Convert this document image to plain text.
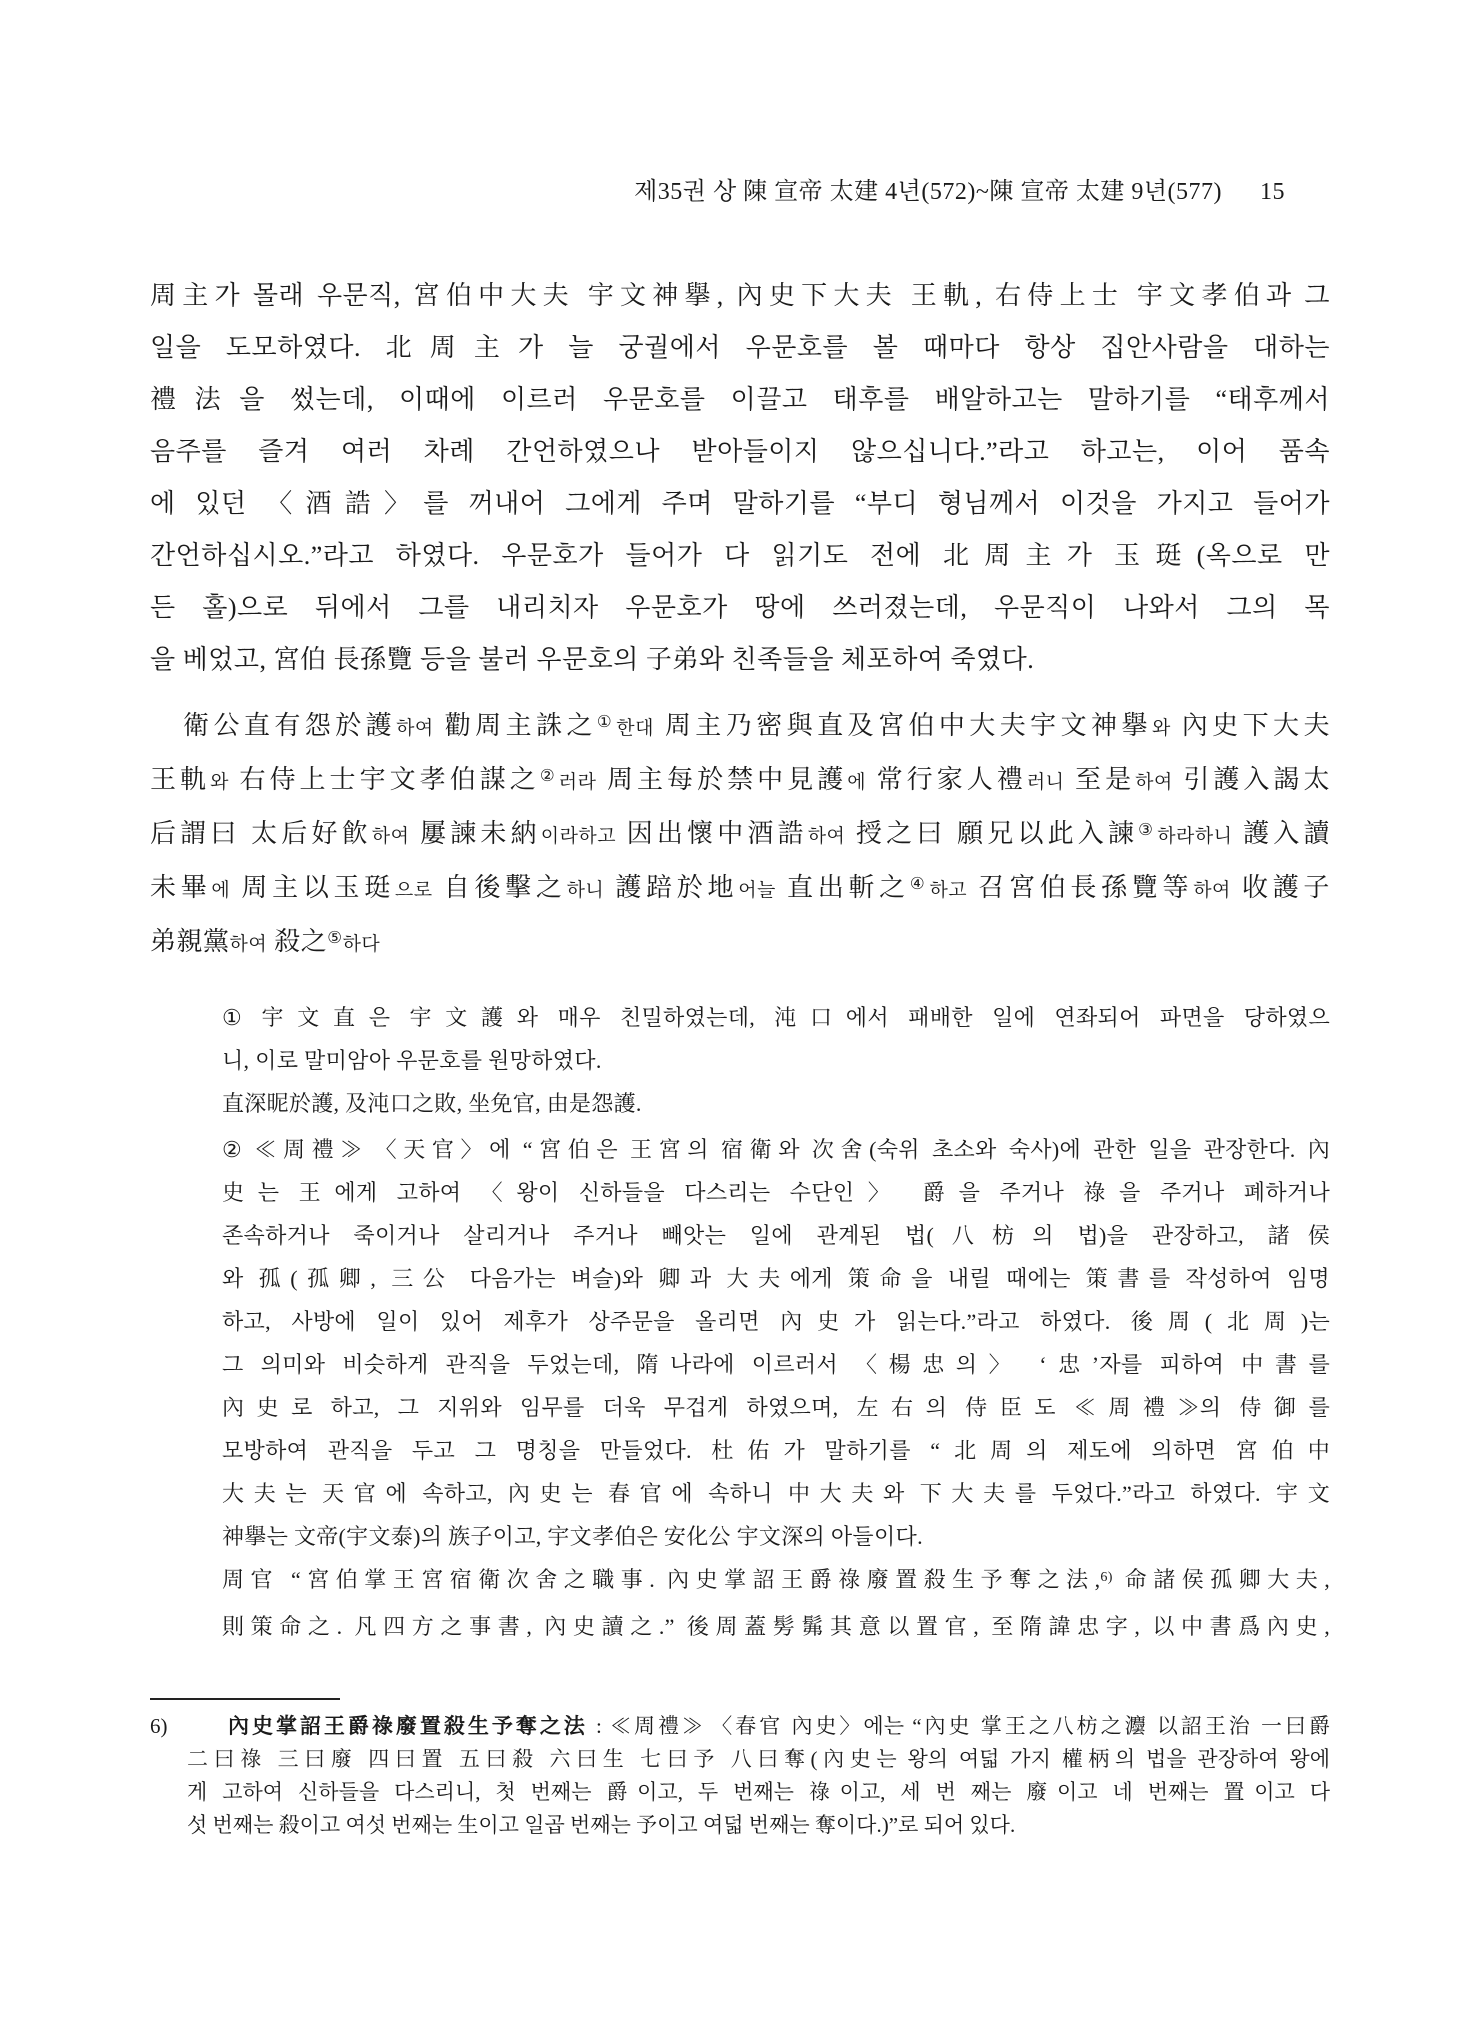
제35권 상 陳 宣帝 太建 4년(572)~陳 宣帝 太建 9년(577) 15
周主가 몰래 우문직, 宮伯中大夫 宇文神擧, 內史下大夫 王軌, 右侍上士 宇文孝伯과 그
일을 도모하였다. 北周主가 늘 궁궐에서 우문호를 볼 때마다 항상 집안사람을 대하는
禮法을 썼는데, 이때에 이르러 우문호를 이끌고 태후를 배알하고는 말하기를 “태후께서
음주를 즐겨 여러 차례 간언하였으나 받아들이지 않으십니다.”라고 하고는, 이어 품속
에 있던 〈酒誥〉를 꺼내어 그에게 주며 말하기를 “부디 형님께서 이것을 가지고 들어가
간언하십시오.”라고 하였다. 우문호가 들어가 다 읽기도 전에 北周主가 玉珽(옥으로 만
든 홀)으로 뒤에서 그를 내리치자 우문호가 땅에 쓰러졌는데, 우문직이 나와서 그의 목
을 베었고, 宮伯 長孫覽 등을 불러 우문호의 子弟와 친족들을 체포하여 죽였다.
衛公直有怨於護하여 勸周主誅之①한대 周主乃密與直及宮伯中大夫宇文神擧와 內史下大夫
王軌와 右侍上士宇文孝伯謀之②러라 周主每於禁中見護에 常行家人禮러니 至是하여 引護入謁太
后謂曰 太后好飮하여 屢諫未納이라하고 因出懷中酒誥하여 授之曰 願兄以此入諫③하라하니 護入讀
未畢에 周主以玉珽으로 自後擊之하니 護踣於地어늘 直出斬之④하고 召宮伯長孫覽等하여 收護子
弟親黨하여 殺之⑤하다
① 宇文直은 宇文護와 매우 친밀하였는데, 沌口에서 패배한 일에 연좌되어 파면을 당하였으
니, 이로 말미암아 우문호를 원망하였다.
直深昵於護, 及沌口之敗, 坐免官, 由是怨護.
② ≪周禮≫ 〈天官〉에 “宮伯은 王宮의 宿衛와 次舍(숙위 초소와 숙사)에 관한 일을 관장한다. 內
史는 王에게 고하여 〈왕이 신하들을 다스리는 수단인〉 爵을 주거나 祿을 주거나 폐하거나
존속하거나 죽이거나 살리거나 주거나 빼앗는 일에 관계된 법(八枋의 법)을 관장하고, 諸侯
와 孤(孤卿, 三公 다음가는 벼슬)와 卿과 大夫에게 策命을 내릴 때에는 策書를 작성하여 임명
하고, 사방에 일이 있어 제후가 상주문을 올리면 內史가 읽는다.”라고 하였다. 後周(北周)는
그 의미와 비슷하게 관직을 두었는데, 隋나라에 이르러서 〈楊忠의〉 ‘忠’자를 피하여 中書를
內史로 하고, 그 지위와 임무를 더욱 무겁게 하였으며, 左右의 侍臣도 ≪周禮≫의 侍御를
모방하여 관직을 두고 그 명칭을 만들었다. 杜佑가 말하기를 “北周의 제도에 의하면 宮伯中
大夫는 天官에 속하고, 內史는 春官에 속하니 中大夫와 下大夫를 두었다.”라고 하였다. 宇文
神擧는 文帝(宇文泰)의 族子이고, 宇文孝伯은 安化公 宇文深의 아들이다.
周官 “宮伯掌王宮宿衛次舍之職事. 內史掌詔王爵祿廢置殺生予奪之法,$^{6)}$ 命諸侯孤卿大夫,
則策命之. 凡四方之事書, 內史讀之.” 後周蓋髣髴其意以置官, 至隋諱忠字, 以中書爲內史,
6)	內史掌詔王爵祿廢置殺生予奪之法 : ≪周禮≫ 〈春官 內史〉에는 “內史 掌王之八枋之灋 以詔王治 一曰爵
二曰祿 三曰廢 四曰置 五曰殺 六曰生 七曰予 八曰奪(內史는 왕의 여덟 가지 權柄의 법을 관장하여 왕에
게 고하여 신하들을 다스리니, 첫 번째는 爵이고, 두 번째는 祿이고, 세 번 째는 廢이고 네 번째는 置이고 다
섯 번째는 殺이고 여섯 번째는 生이고 일곱 번째는 予이고 여덟 번째는 奪이다.)”로 되어 있다.
